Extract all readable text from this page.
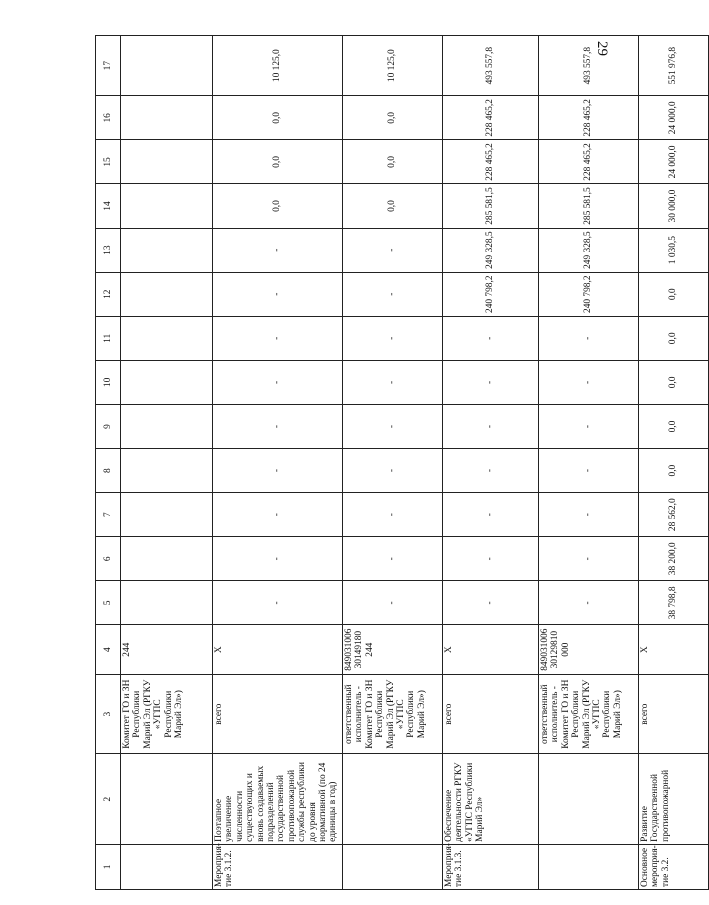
29
1	2	3	4	5	6	7	8	9	10	11	12	13	14	15	16	17
		Комитет ГО и ЗН Республики Марий Эл (РГКУ «УГПС Республики Марий Эл»)	244													
Мероприя-тие 3.1.2.	Поэтапное увеличение численности существующих и вновь создаваемых подразделений государственной противопожарной службы республики до уровня нормативной (по 24 единицы в год)	всего	Х	-	-	-	-	-	-	-	-	-	0,0	0,0	0,0	10 125,0
		ответственный исполнитель - Комитет ГО и ЗН Республики Марий Эл (РГКУ «УГПС Республики Марий Эл»)	849031006 30149180 244	-	-	-	-	-	-	-	-	-	0,0	0,0	0,0	10 125,0
Мероприя-тие 3.1.3.	Обеспечение деятельности РГКУ «УГПС Республики Марий Эл»	всего	Х	-	-	-	-	-	-	-	240 798,2	249 328,5	285 581,5	228 465,2	228 465,2	493 557,8
		ответственный исполнитель - Комитет ГО и ЗН Республики Марий Эл (РГКУ «УГПС Республики Марий Эл»)	849031006 30129810 000	-	-	-	-	-	-	-	240 798,2	249 328,5	285 581,5	228 465,2	228 465,2	493 557,8
Основное мероприя-тие 3.2.	Развитие Государственной противопожарной	всего	Х	38 798,8	38 200,0	28 562,0	0,0	0,0	0,0	0,0	0,0	1 030,5	30 000,0	24 000,0	24 000,0	551 976,8
